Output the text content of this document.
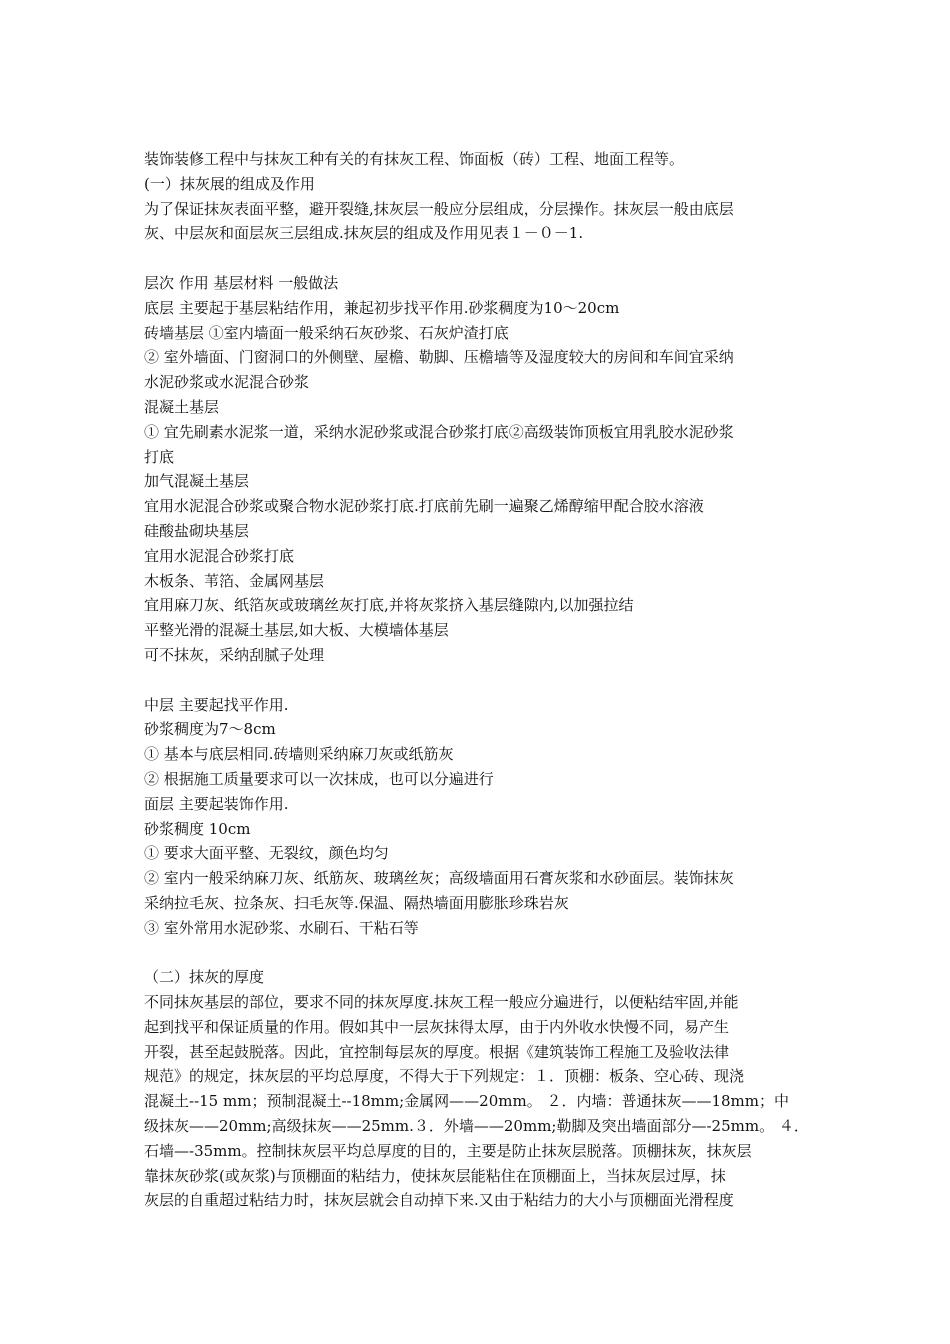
装饰装修工程中与抹灰工种有关的有抹灰工程、饰面板（砖）工程、地面工程等。
(一）抹灰展的组成及作用
为了保证抹灰表面平整，避开裂缝,抹灰层一般应分层组成，分层操作。抹灰层一般由底层
灰、中层灰和面层灰三层组成.抹灰层的组成及作用见表１－０－1.
层次 作用 基层材料 一般做法
底层 主要起于基层粘结作用，兼起初步找平作用.砂浆稠度为10～20cm
砖墙基层 ①室内墙面一般采纳石灰砂浆、石灰炉渣打底
② 室外墙面、门窗洞口的外侧壁、屋檐、勒脚、压檐墙等及湿度较大的房间和车间宜采纳
水泥砂浆或水泥混合砂浆
混凝土基层
① 宜先刷素水泥浆一道，采纳水泥砂浆或混合砂浆打底②高级装饰顶板宜用乳胶水泥砂浆
打底
加气混凝土基层
宜用水泥混合砂浆或聚合物水泥砂浆打底.打底前先刷一遍聚乙烯醇缩甲配合胶水溶液
硅酸盐砌块基层
宜用水泥混合砂浆打底
木板条、苇箔、金属网基层
宜用麻刀灰、纸箔灰或玻璃丝灰打底,并将灰浆挤入基层缝隙内,以加强拉结
平整光滑的混凝土基层,如大板、大模墙体基层
可不抹灰，采纳刮腻子处理
中层 主要起找平作用.
砂浆稠度为7～8cm
① 基本与底层相同.砖墙则采纳麻刀灰或纸筋灰
② 根据施工质量要求可以一次抹成，也可以分遍进行
面层 主要起装饰作用.
砂浆稠度 10cm
① 要求大面平整、无裂纹，颜色均匀
② 室内一般采纳麻刀灰、纸筋灰、玻璃丝灰；高级墙面用石膏灰浆和水砂面层。装饰抹灰
采纳拉毛灰、拉条灰、扫毛灰等.保温、隔热墙面用膨胀珍珠岩灰
③ 室外常用水泥砂浆、水刷石、干粘石等
（二）抹灰的厚度
不同抹灰基层的部位，要求不同的抹灰厚度.抹灰工程一般应分遍进行，以便粘结牢固,并能
起到找平和保证质量的作用。假如其中一层灰抹得太厚，由于内外收水快慢不同，易产生
开裂，甚至起鼓脱落。因此，宜控制每层灰的厚度。根据《建筑装饰工程施工及验收法律
规范》的规定，抹灰层的平均总厚度，不得大于下列规定：１．顶棚：板条、空心砖、现浇
混凝土--15 mm；预制混凝土--18mm;金属网——20mm。 ２．内墙：普通抹灰——18mm；中
级抹灰——20mm;高级抹灰——25mm.３．外墙——20mm;勒脚及突出墙面部分—-25mm。 ４．
石墙—-35mm。控制抹灰层平均总厚度的目的，主要是防止抹灰层脱落。顶棚抹灰，抹灰层
靠抹灰砂浆(或灰浆)与顶棚面的粘结力，使抹灰层能粘住在顶棚面上，当抹灰层过厚，抹
灰层的自重超过粘结力时，抹灰层就会自动掉下来.又由于粘结力的大小与顶棚面光滑程度
